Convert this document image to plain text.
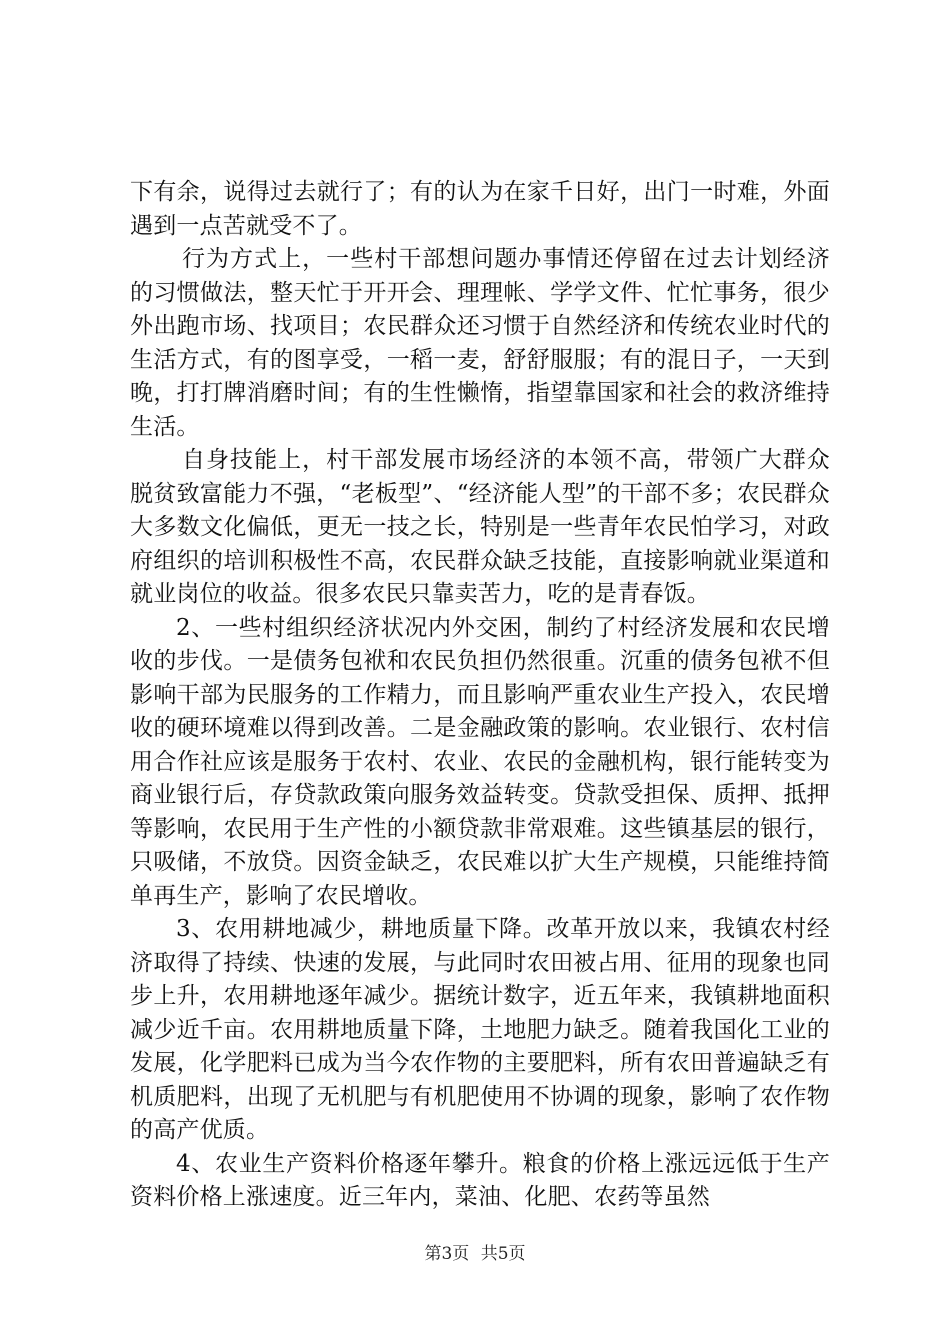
下有余，说得过去就行了；有的认为在家千日好，出门一时难，外面遇到一点苦就受不了。

行为方式上，一些村干部想问题办事情还停留在过去计划经济的习惯做法，整天忙于开开会、理理帐、学学文件、忙忙事务，很少外出跑市场、找项目；农民群众还习惯于自然经济和传统农业时代的生活方式，有的图享受，一稻一麦，舒舒服服；有的混日子，一天到晚，打打牌消磨时间；有的生性懒惰，指望靠国家和社会的救济维持生活。

自身技能上，村干部发展市场经济的本领不高，带领广大群众脱贫致富能力不强，“老板型”、“经济能人型”的干部不多；农民群众大多数文化偏低，更无一技之长，特别是一些青年农民怕学习，对政府组织的培训积极性不高，农民群众缺乏技能，直接影响就业渠道和就业岗位的收益。很多农民只靠卖苦力，吃的是青春饭。

2、一些村组织经济状况内外交困，制约了村经济发展和农民增收的步伐。一是债务包袱和农民负担仍然很重。沉重的债务包袱不但影响干部为民服务的工作精力，而且影响严重农业生产投入，农民增收的硬环境难以得到改善。二是金融政策的影响。农业银行、农村信用合作社应该是服务于农村、农业、农民的金融机构，银行能转变为商业银行后，存贷款政策向服务效益转变。贷款受担保、质押、抵押等影响，农民用于生产性的小额贷款非常艰难。这些镇基层的银行，只吸储，不放贷。因资金缺乏，农民难以扩大生产规模，只能维持简单再生产，影响了农民增收。

3、农用耕地减少，耕地质量下降。改革开放以来，我镇农村经济取得了持续、快速的发展，与此同时农田被占用、征用的现象也同步上升，农用耕地逐年减少。据统计数字，近五年来，我镇耕地面积减少近千亩。农用耕地质量下降，土地肥力缺乏。随着我国化工业的发展，化学肥料已成为当今农作物的主要肥料，所有农田普遍缺乏有机质肥料，出现了无机肥与有机肥使用不协调的现象，影响了农作物的高产优质。

4、农业生产资料价格逐年攀升。粮食的价格上涨远远低于生产资料价格上涨速度。近三年内，菜油、化肥、农药等虽然

第3页 共5页
